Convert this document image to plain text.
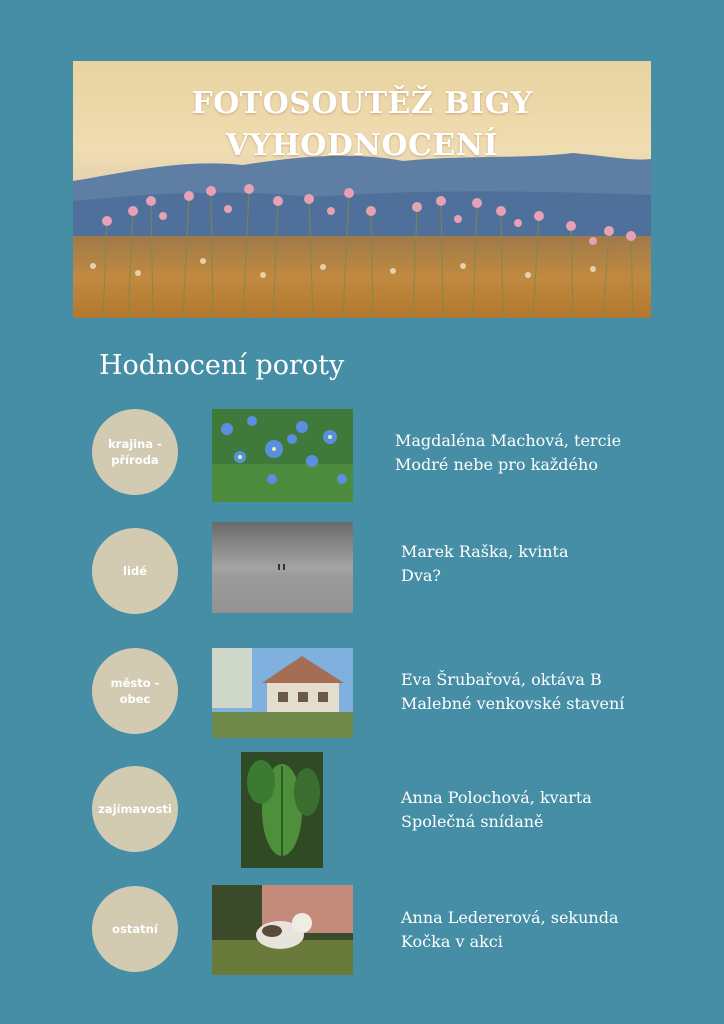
FOTOSOUTĚŽ BIGY
VYHODNOCENÍ
Hodnocení poroty
krajina -
příroda
Magdaléna Machová, tercie
Modré nebe pro každého
lidé
Marek Raška, kvinta
Dva?
město -
obec
Eva Šrubařová, oktáva B
Malebné venkovské stavení
zajímavosti
Anna Polochová, kvarta
Společná snídaně
ostatní
Anna Ledererová, sekunda
Kočka v akci
